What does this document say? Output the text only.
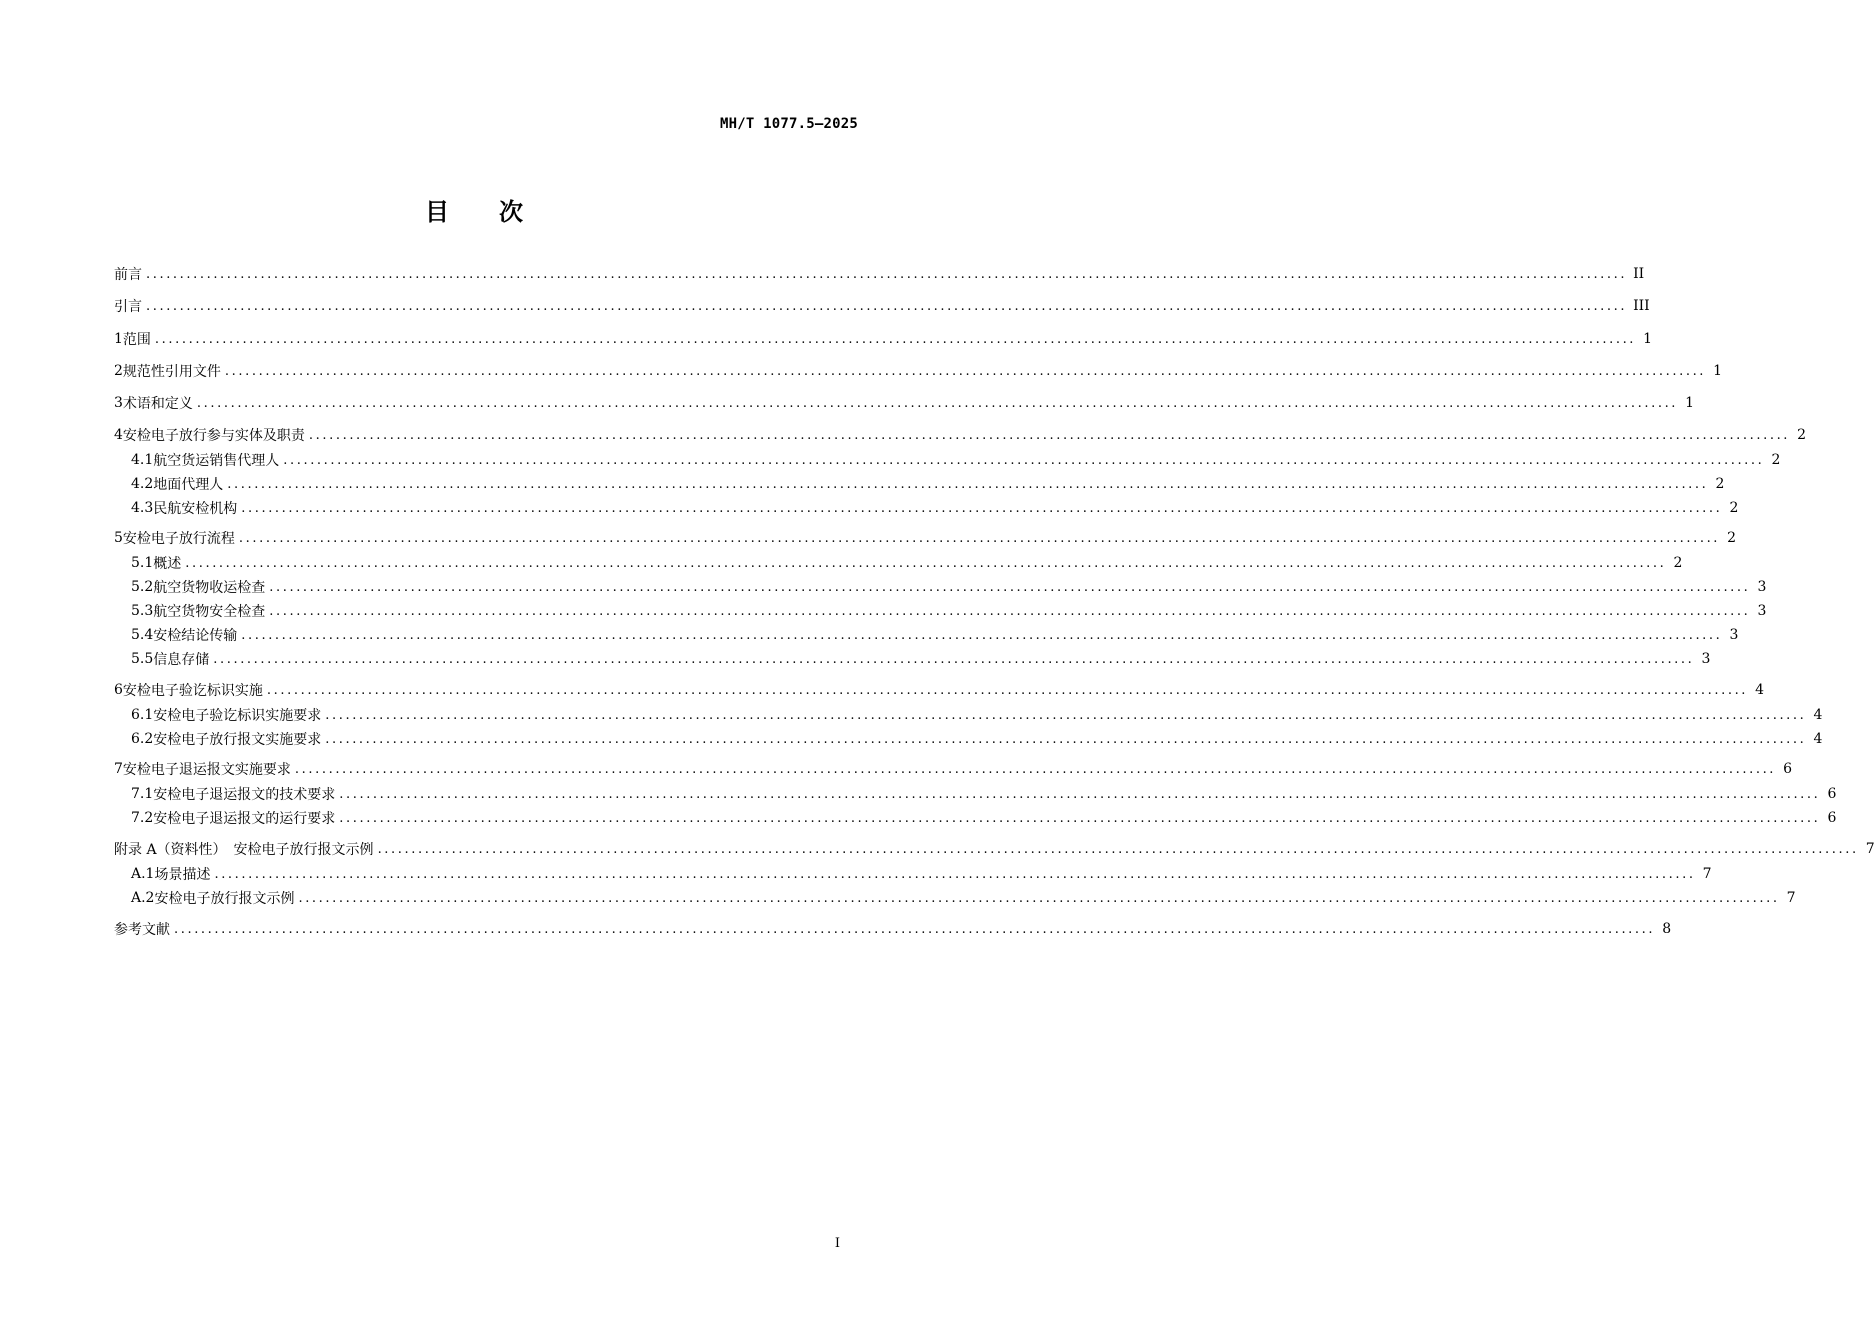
MH/T 1077.5—2025
目 次
前言 ............................................................................................................................................................................................................................ II
引言 ............................................................................................................................................................................................................................ III
1 范围 ............................................................................................................................................................................................................................ 1
2 规范性引用文件 ............................................................................................................................................................................................................................ 1
3 术语和定义 ............................................................................................................................................................................................................................ 1
4 安检电子放行参与实体及职责 ............................................................................................................................................................................................................................ 2
4.1 航空货运销售代理人 ............................................................................................................................................................................................................................ 2
4.2 地面代理人 ............................................................................................................................................................................................................................ 2
4.3 民航安检机构 ............................................................................................................................................................................................................................ 2
5 安检电子放行流程 ............................................................................................................................................................................................................................ 2
5.1 概述 ............................................................................................................................................................................................................................ 2
5.2 航空货物收运检查 ............................................................................................................................................................................................................................ 3
5.3 航空货物安全检查 ............................................................................................................................................................................................................................ 3
5.4 安检结论传输 ............................................................................................................................................................................................................................ 3
5.5 信息存储 ............................................................................................................................................................................................................................ 3
6 安检电子验讫标识实施 ............................................................................................................................................................................................................................ 4
6.1 安检电子验讫标识实施要求 ............................................................................................................................................................................................................................ 4
6.2 安检电子放行报文实施要求 ............................................................................................................................................................................................................................ 4
7 安检电子退运报文实施要求 ............................................................................................................................................................................................................................ 6
7.1 安检电子退运报文的技术要求 ............................................................................................................................................................................................................................ 6
7.2 安检电子退运报文的运行要求 ............................................................................................................................................................................................................................ 6
附录 A（资料性）　安检电子放行报文示例 ............................................................................................................................................................................................................................ 7
A.1 场景描述 ............................................................................................................................................................................................................................ 7
A.2 安检电子放行报文示例 ............................................................................................................................................................................................................................ 7
参考文献 ............................................................................................................................................................................................................................ 8
I
